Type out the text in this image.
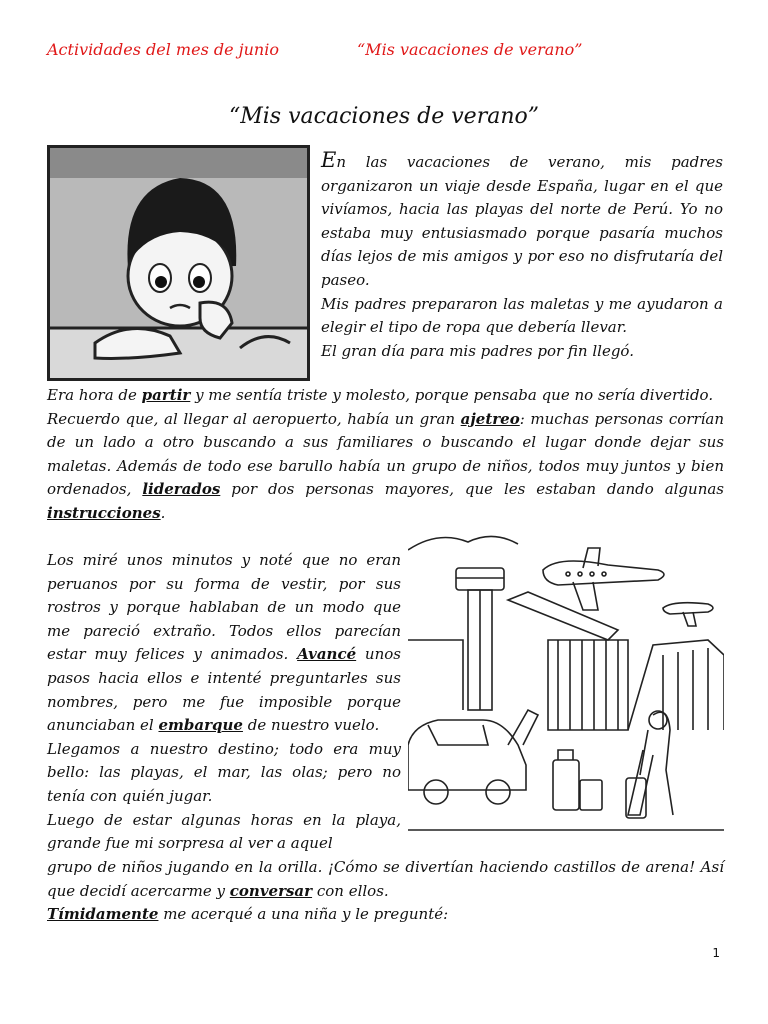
Actividades del mes de junio	“Mis vacaciones de verano”
“Mis vacaciones de verano”

En las vacaciones de verano, mis padres organizaron un viaje desde España, lugar en el que vivíamos, hacia las playas del norte de Perú. Yo no estaba muy entusiasmado porque pasaría muchos días lejos de mis amigos y por eso no disfrutaría del paseo.

Mis padres prepararon las maletas y me ayudaron a elegir el tipo de ropa que debería llevar.

El gran día para mis padres por fin llegó.

Era hora de partir y me sentía triste y molesto, porque pensaba que no sería divertido.

Recuerdo que, al llegar al aeropuerto, había un gran ajetreo: muchas personas corrían de un lado a otro buscando a sus familiares o buscando el lugar donde dejar sus maletas. Además de todo ese barullo había un grupo de niños, todos muy juntos y bien ordenados, liderados por dos personas mayores, que les estaban dando algunas instrucciones.

Los miré unos minutos y noté que no eran peruanos por su forma de vestir, por sus rostros y porque hablaban de un modo que me pareció extraño. Todos ellos parecían estar muy felices y animados. Avancé unos pasos hacia ellos e intenté preguntarles sus nombres, pero me fue imposible porque anunciaban el embarque de nuestro vuelo.

Llegamos a nuestro destino; todo era muy bello: las playas, el mar, las olas; pero no tenía con quién jugar.

Luego de estar algunas horas en la playa, grande fue mi sorpresa al ver a aquel

grupo de niños jugando en la orilla. ¡Cómo se divertían haciendo castillos de arena! Así que decidí acercarme y conversar con ellos.

Tímidamente me acerqué a una niña y le pregunté:

1
